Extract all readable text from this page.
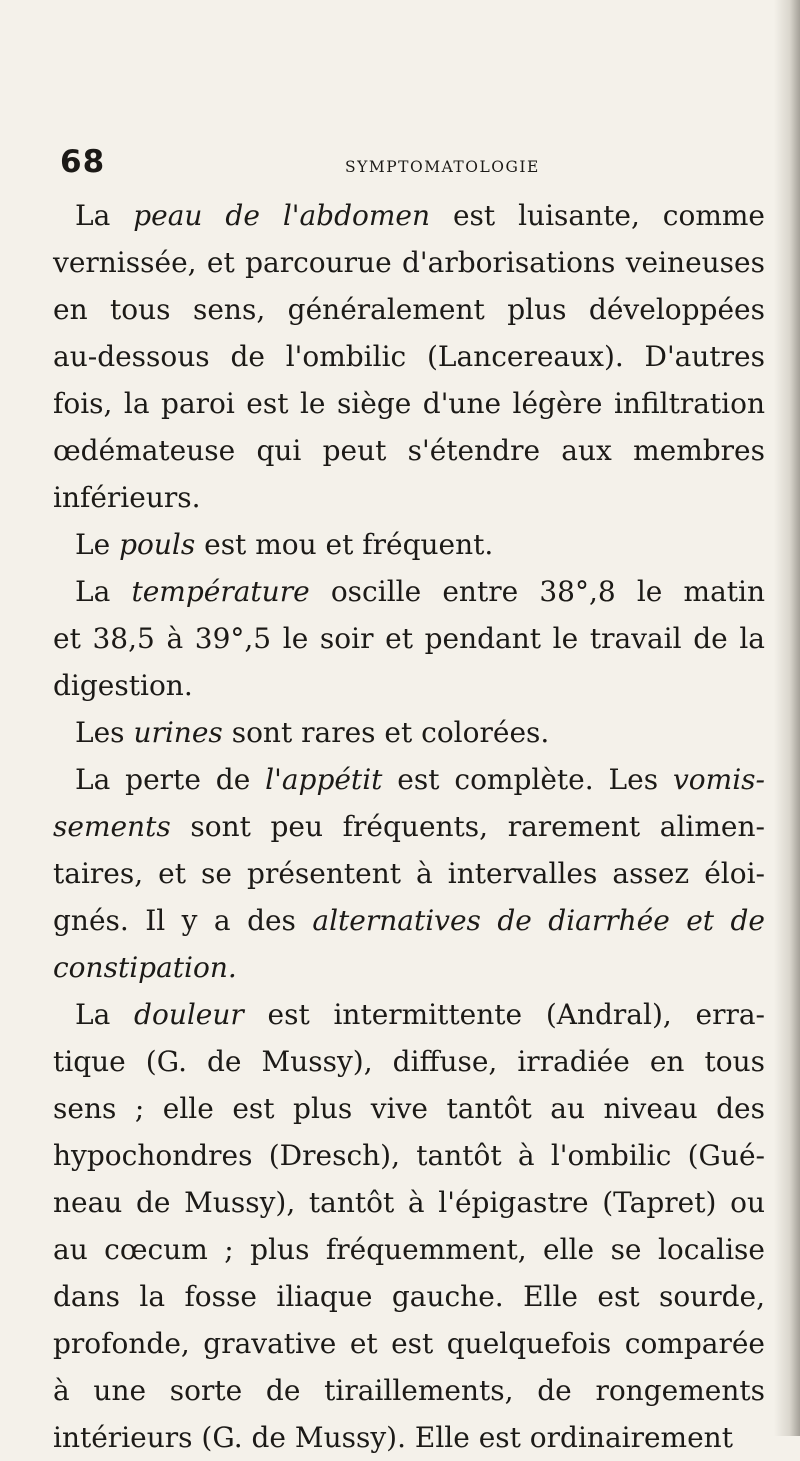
68	SYMPTOMATOLOGIE
La peau de l'abdomen est luisante, comme
vernissée, et parcourue d'arborisations veineuses
en tous sens, généralement plus développées
au-dessous de l'ombilic (Lancereaux). D'autres
fois, la paroi est le siège d'une légère infiltration
œdémateuse qui peut s'étendre aux membres
inférieurs.
Le pouls est mou et fréquent.
La température oscille entre 38°,8 le matin
et 38,5 à 39°,5 le soir et pendant le travail de la
digestion.
Les urines sont rares et colorées.
La perte de l'appétit est complète. Les vomis-
sements sont peu fréquents, rarement alimen-
taires, et se présentent à intervalles assez éloi-
gnés. Il y a des alternatives de diarrhée et de
constipation.
La douleur est intermittente (Andral), erra-
tique (G. de Mussy), diffuse, irradiée en tous
sens ; elle est plus vive tantôt au niveau des
hypochondres (Dresch), tantôt à l'ombilic (Gué-
neau de Mussy), tantôt à l'épigastre (Tapret) ou
au cœcum ; plus fréquemment, elle se localise
dans la fosse iliaque gauche. Elle est sourde,
profonde, gravative et est quelquefois comparée
à une sorte de tiraillements, de rongements
intérieurs (G. de Mussy). Elle est ordinairement
